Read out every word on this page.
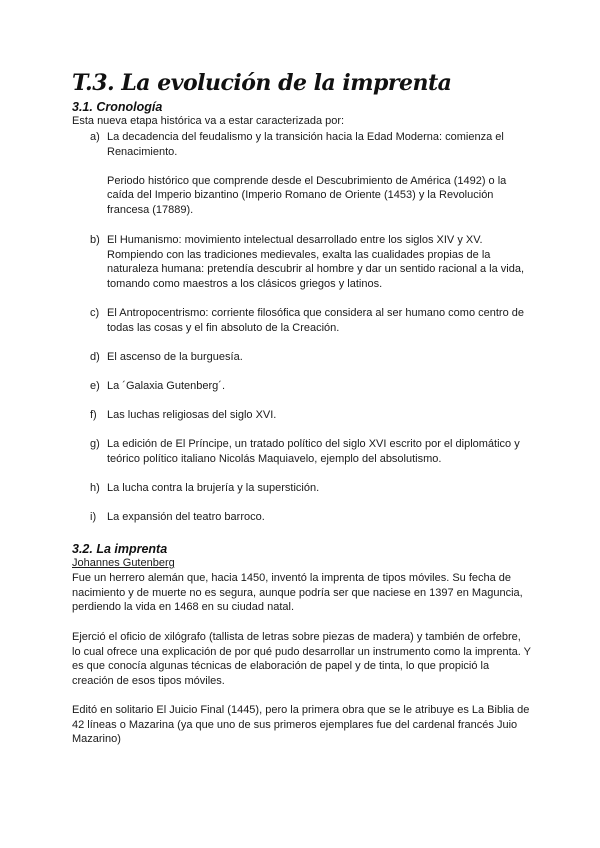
T.3. La evolución de la imprenta
3.1. Cronología

Esta nueva etapa histórica va a estar caracterizada por:

a) La decadencia del feudalismo y la transición hacia la Edad Moderna: comienza el Renacimiento.
Periodo histórico que comprende desde el Descubrimiento de América (1492) o la caída del Imperio bizantino (Imperio Romano de Oriente (1453) y la Revolución francesa (17889).
b) El Humanismo: movimiento intelectual desarrollado entre los siglos XIV y XV. Rompiendo con las tradiciones medievales, exalta las cualidades propias de la naturaleza humana: pretendía descubrir al hombre y dar un sentido racional a la vida, tomando como maestros a los clásicos griegos y latinos.
c) El Antropocentrismo: corriente filosófica que considera al ser humano como centro de todas las cosas y el fin absoluto de la Creación.
d) El ascenso de la burguesía.
e) La ´Galaxia Gutenberg´.
f) Las luchas religiosas del siglo XVI.
g) La edición de El Príncipe, un tratado político del siglo XVI escrito por el diplomático y teórico político italiano Nicolás Maquiavelo, ejemplo del absolutismo.
h) La lucha contra la brujería y la superstición.
i) La expansión del teatro barroco.
3.2. La imprenta

Johannes Gutenberg

Fue un herrero alemán que, hacia 1450, inventó la imprenta de tipos móviles. Su fecha de nacimiento y de muerte no es segura, aunque podría ser que naciese en 1397 en Maguncia, perdiendo la vida en 1468 en su ciudad natal.

Ejerció el oficio de xilógrafo (tallista de letras sobre piezas de madera) y también de orfebre, lo cual ofrece una explicación de por qué pudo desarrollar un instrumento como la imprenta. Y es que conocía algunas técnicas de elaboración de papel y de tinta, lo que propició la creación de esos tipos móviles.

Editó en solitario El Juicio Final (1445), pero la primera obra que se le atribuye es La Biblia de 42 líneas o Mazarina (ya que uno de sus primeros ejemplares fue del cardenal francés Juio Mazarino)
